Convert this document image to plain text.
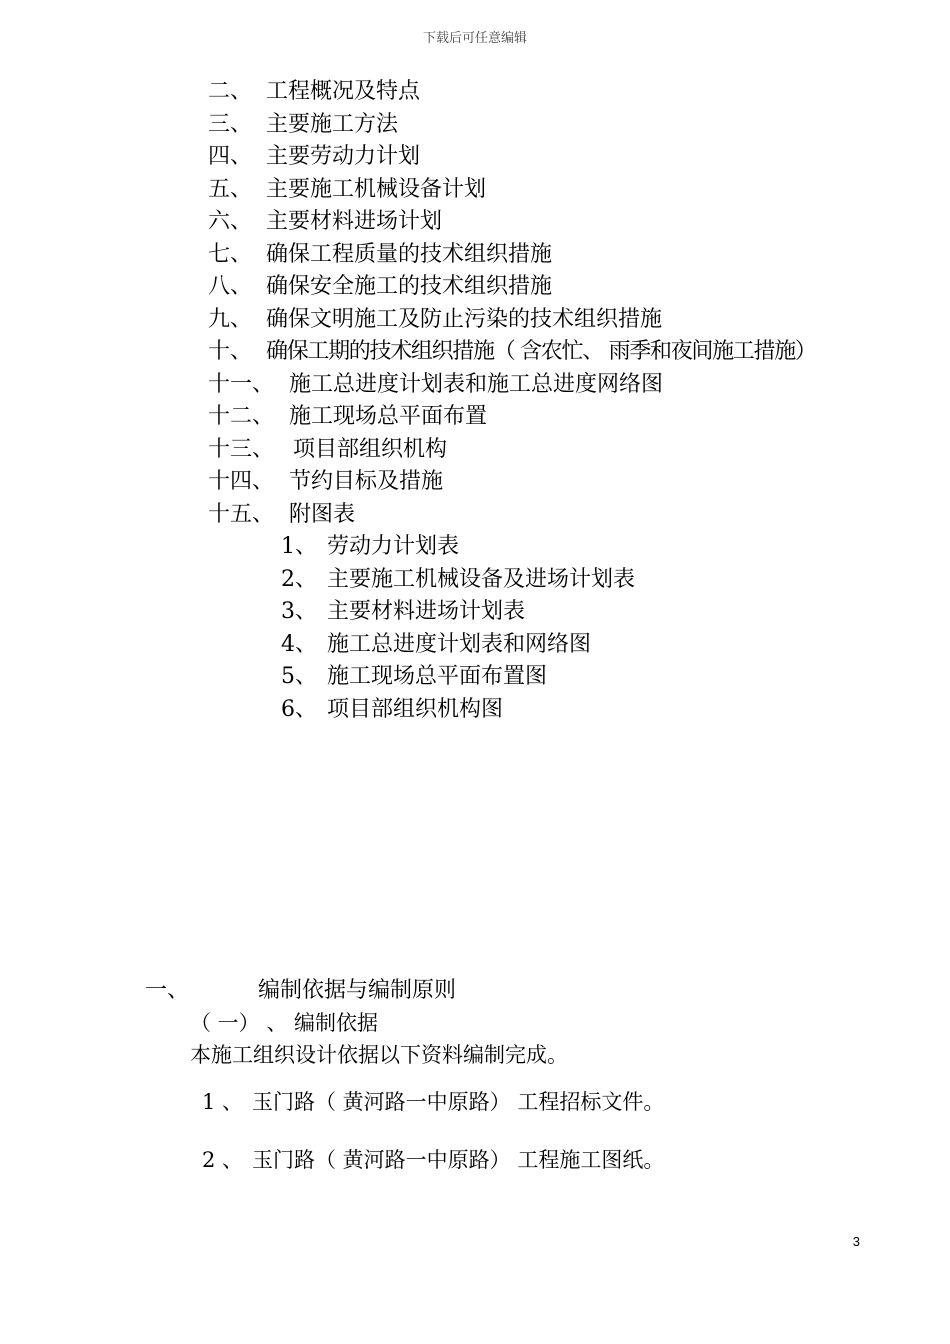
下载后可任意编辑
二、 工程概况及特点
三、 主要施工方法
四、 主要劳动力计划
五、 主要施工机械设备计划
六、 主要材料进场计划
七、 确保工程质量的技术组织措施
八、 确保安全施工的技术组织措施
九、 确保文明施工及防止污染的技术组织措施
十、 确保工期的技术组织措施（ 含农忙、 雨季和夜间施工措施）
十一、 施工总进度计划表和施工总进度网络图
十二、 施工现场总平面布置
十三、 项目部组织机构
十四、 节约目标及措施
十五、 附图表
1、 劳动力计划表
2、 主要施工机械设备及进场计划表
3、 主要材料进场计划表
4、 施工总进度计划表和网络图
5、 施工现场总平面布置图
6、 项目部组织机构图
一、	编制依据与编制原则
（ 一） 、 编制依据
本施工组织设计依据以下资料编制完成。
1 、 玉门路（ 黄河路一中原路） 工程招标文件。
2 、 玉门路（ 黄河路一中原路） 工程施工图纸。
3
